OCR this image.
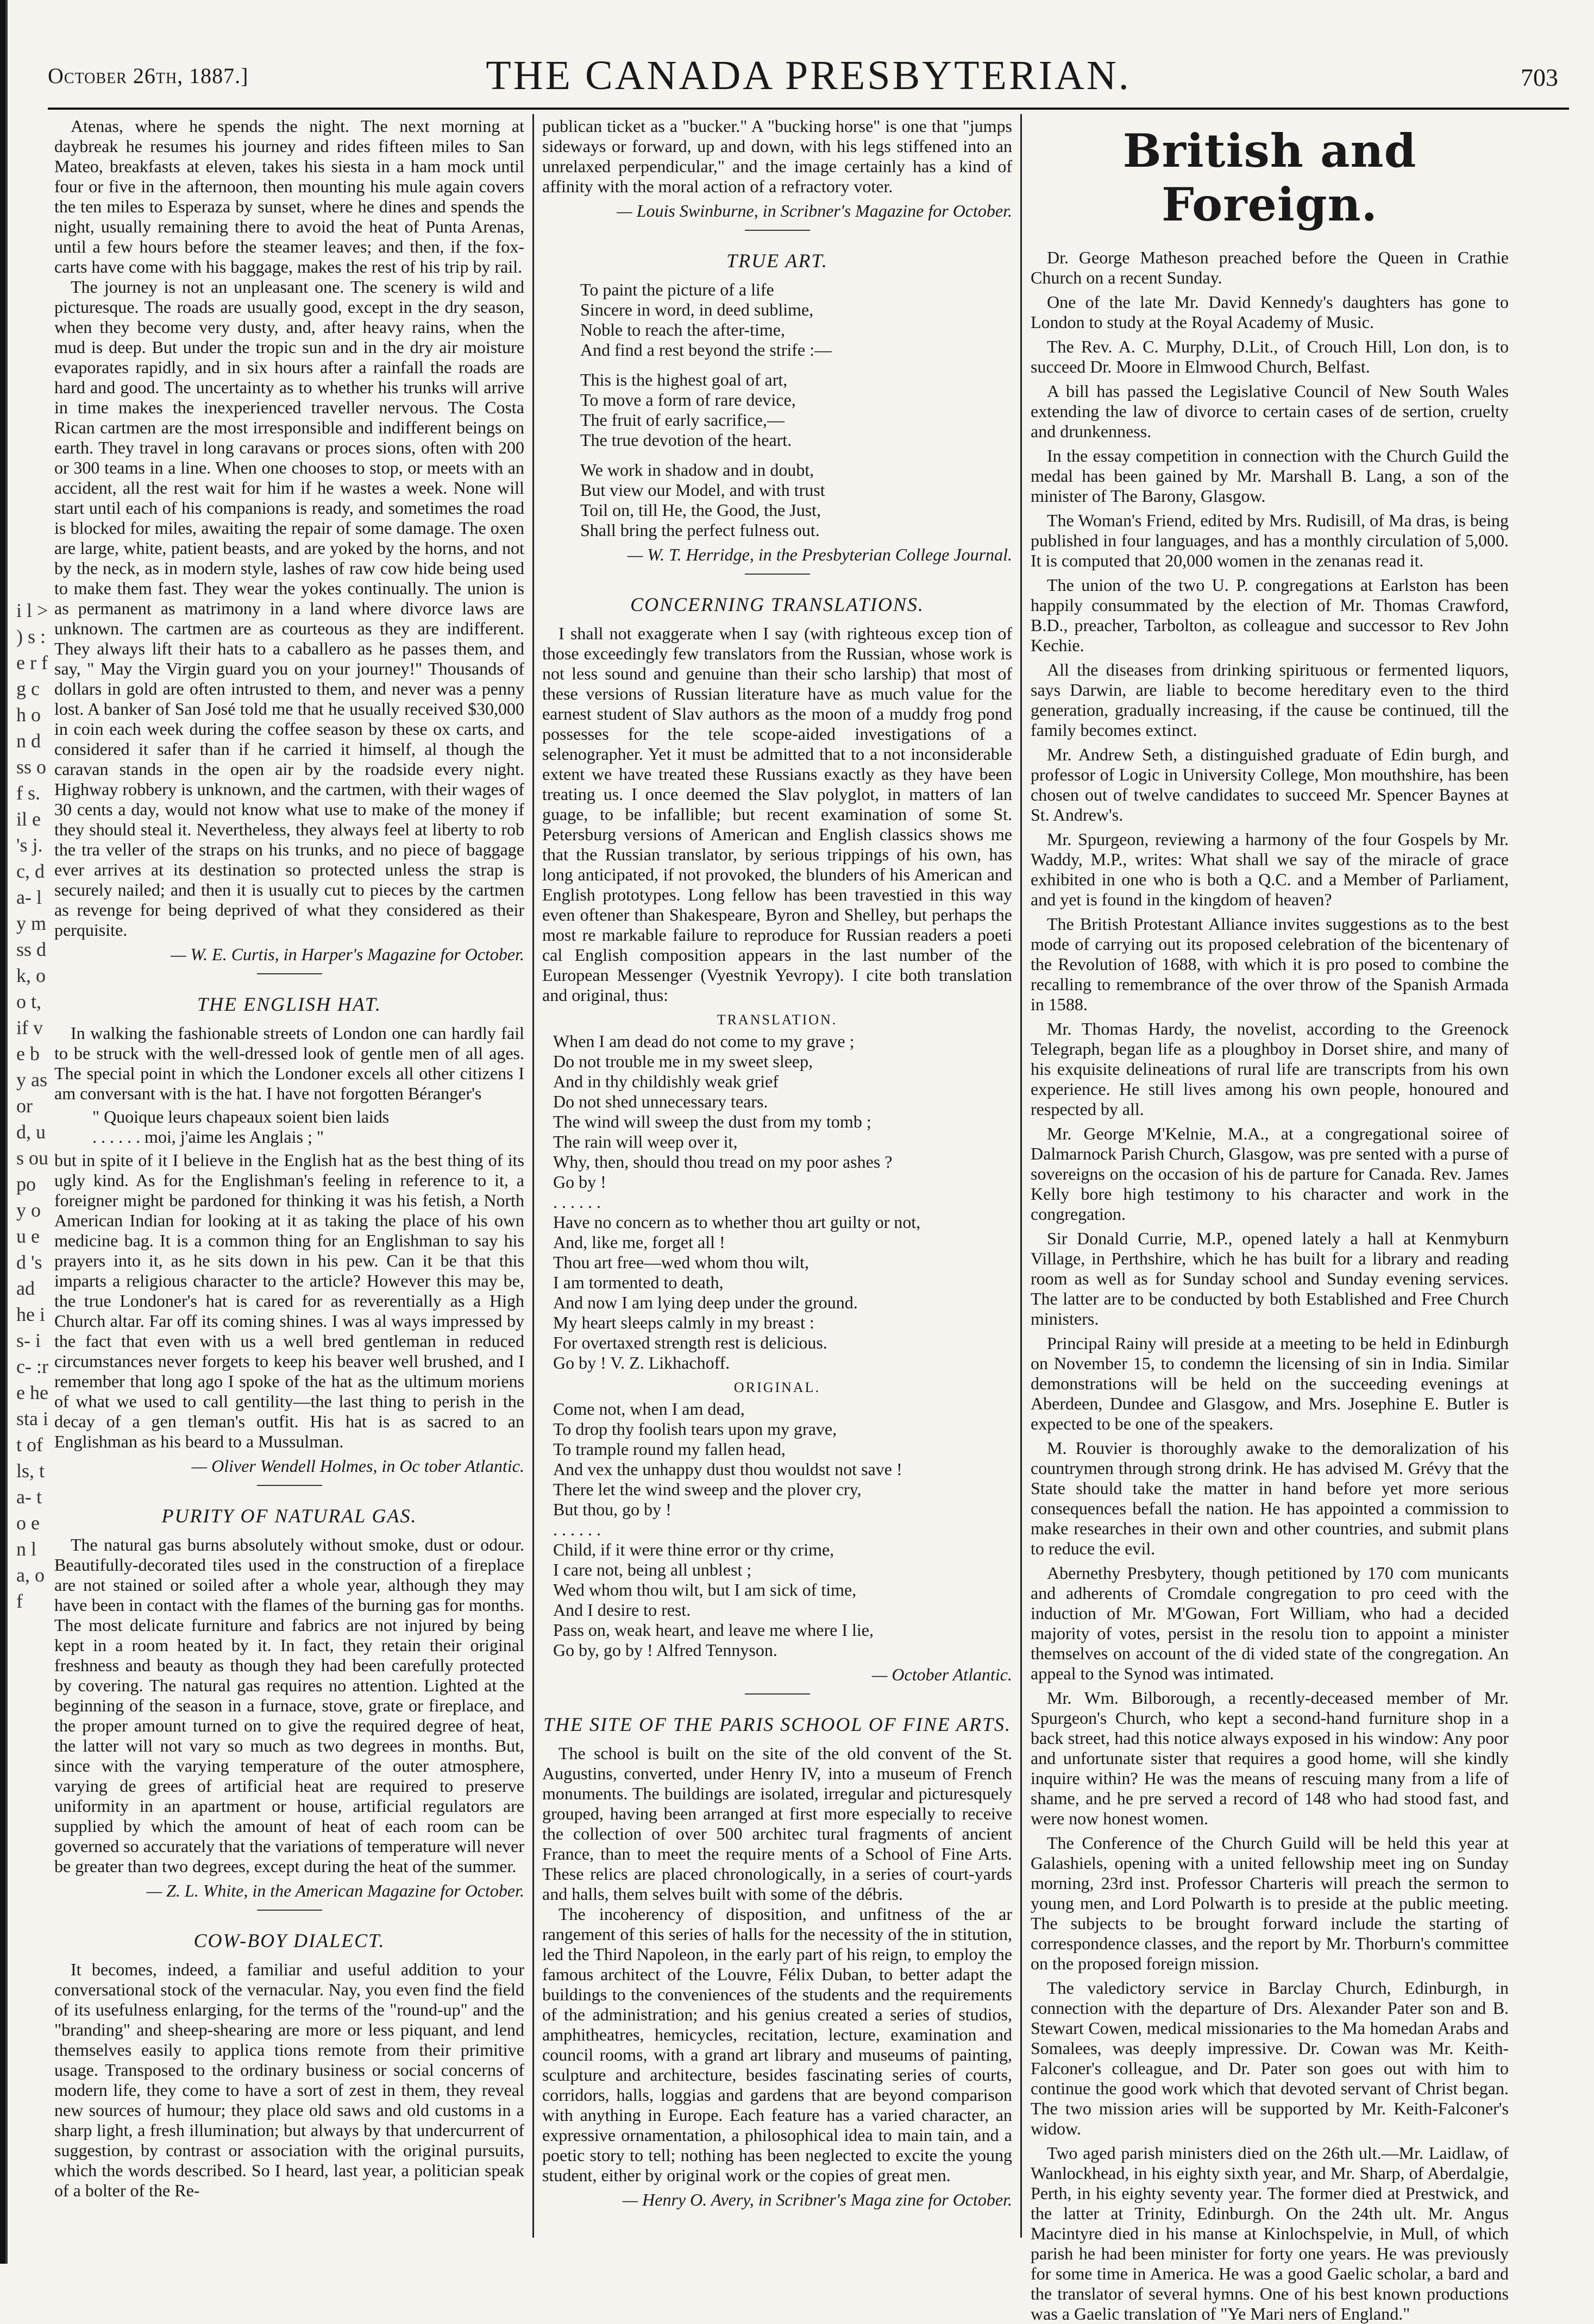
i l > ) s : e r f g c h o n d ss of s. il e 's j. c, d a- ly m ss d k, oo t, if ve by as or d, us ou po y ou ed 's ad he is- ic- :re he sta it of ls, ta- to en la, of
October 26th, 1887.]	THE CANADA PRESBYTERIAN.	703

Atenas, where he spends the night. The next morning at daybreak he resumes his journey and rides fifteen miles to San Mateo, breakfasts at eleven, takes his siesta in a ham mock until four or five in the afternoon, then mounting his mule again covers the ten miles to Esperaza by sunset, where he dines and spends the night, usually remaining there to avoid the heat of Punta Arenas, until a few hours before the steamer leaves; and then, if the fox-carts have come with his baggage, makes the rest of his trip by rail.

The journey is not an unpleasant one. The scenery is wild and picturesque. The roads are usually good, except in the dry season, when they become very dusty, and, after heavy rains, when the mud is deep. But under the tropic sun and in the dry air moisture evaporates rapidly, and in six hours after a rainfall the roads are hard and good. The uncertainty as to whether his trunks will arrive in time makes the inexperienced traveller nervous. The Costa Rican cartmen are the most irresponsible and indifferent beings on earth. They travel in long caravans or proces sions, often with 200 or 300 teams in a line. When one chooses to stop, or meets with an accident, all the rest wait for him if he wastes a week. None will start until each of his companions is ready, and sometimes the road is blocked for miles, awaiting the repair of some damage. The oxen are large, white, patient beasts, and are yoked by the horns, and not by the neck, as in modern style, lashes of raw cow hide being used to make them fast. They wear the yokes continually. The union is as permanent as matrimony in a land where divorce laws are unknown. The cartmen are as courteous as they are indifferent. They always lift their hats to a caballero as he passes them, and say, " May the Virgin guard you on your journey!" Thousands of dollars in gold are often intrusted to them, and never was a penny lost. A banker of San José told me that he usually received $30,000 in coin each week during the coffee season by these ox carts, and considered it safer than if he carried it himself, al though the caravan stands in the open air by the roadside every night. Highway robbery is unknown, and the cartmen, with their wages of 30 cents a day, would not know what use to make of the money if they should steal it. Nevertheless, they always feel at liberty to rob the tra veller of the straps on his trunks, and no piece of baggage ever arrives at its destination so protected unless the strap is securely nailed; and then it is usually cut to pieces by the cartmen as revenge for being deprived of what they considered as their perquisite.

— W. E. Curtis, in Harper's Magazine for October.
THE ENGLISH HAT.

In walking the fashionable streets of London one can hardly fail to be struck with the well-dressed look of gentle men of all ages. The special point in which the Londoner excels all other citizens I am conversant with is the hat. I have not forgotten Béranger's

" Quoique leurs chapeaux soient bien laids
. . . . . . moi, j'aime les Anglais ; "

but in spite of it I believe in the English hat as the best thing of its ugly kind. As for the Englishman's feeling in reference to it, a foreigner might be pardoned for thinking it was his fetish, a North American Indian for looking at it as taking the place of his own medicine bag. It is a common thing for an Englishman to say his prayers into it, as he sits down in his pew. Can it be that this imparts a religious character to the article? However this may be, the true Londoner's hat is cared for as reverentially as a High Church altar. Far off its coming shines. I was al ways impressed by the fact that even with us a well bred gentleman in reduced circumstances never forgets to keep his beaver well brushed, and I remember that long ago I spoke of the hat as the ultimum moriens of what we used to call gentility—the last thing to perish in the decay of a gen tleman's outfit. His hat is as sacred to an Englishman as his beard to a Mussulman.

— Oliver Wendell Holmes, in Oc tober Atlantic.
PURITY OF NATURAL GAS.

The natural gas burns absolutely without smoke, dust or odour. Beautifully-decorated tiles used in the construction of a fireplace are not stained or soiled after a whole year, although they may have been in contact with the flames of the burning gas for months. The most delicate furniture and fabrics are not injured by being kept in a room heated by it. In fact, they retain their original freshness and beauty as though they had been carefully protected by covering. The natural gas requires no attention. Lighted at the beginning of the season in a furnace, stove, grate or fireplace, and the proper amount turned on to give the required degree of heat, the latter will not vary so much as two degrees in months. But, since with the varying temperature of the outer atmosphere, varying de grees of artificial heat are required to preserve uniformity in an apartment or house, artificial regulators are supplied by which the amount of heat of each room can be governed so accurately that the variations of temperature will never be greater than two degrees, except during the heat of the summer.

— Z. L. White, in the American Magazine for October.
COW-BOY DIALECT.

It becomes, indeed, a familiar and useful addition to your conversational stock of the vernacular. Nay, you even find the field of its usefulness enlarging, for the terms of the "round-up" and the "branding" and sheep-shearing are more or less piquant, and lend themselves easily to applica tions remote from their primitive usage. Transposed to the ordinary business or social concerns of modern life, they come to have a sort of zest in them, they reveal new sources of humour; they place old saws and old customs in a sharp light, a fresh illumination; but always by that undercurrent of suggestion, by contrast or association with the original pursuits, which the words described. So I heard, last year, a politician speak of a bolter of the Re-

publican ticket as a "bucker." A "bucking horse" is one that "jumps sideways or forward, up and down, with his legs stiffened into an unrelaxed perpendicular," and the image certainly has a kind of affinity with the moral action of a refractory voter.

— Louis Swinburne, in Scribner's Magazine for October.
TRUE ART.
To paint the picture of a life
Sincere in word, in deed sublime,
Noble to reach the after-time,
And find a rest beyond the strife :—
This is the highest goal of art,
To move a form of rare device,
The fruit of early sacrifice,—
The true devotion of the heart.
We work in shadow and in doubt,
But view our Model, and with trust
Toil on, till He, the Good, the Just,
Shall bring the perfect fulness out.
— W. T. Herridge, in the Presbyterian College Journal.
CONCERNING TRANSLATIONS.

I shall not exaggerate when I say (with righteous excep tion of those exceedingly few translators from the Russian, whose work is not less sound and genuine than their scho larship) that most of these versions of Russian literature have as much value for the earnest student of Slav authors as the moon of a muddy frog pond possesses for the tele scope-aided investigations of a selenographer. Yet it must be admitted that to a not inconsiderable extent we have treated these Russians exactly as they have been treating us. I once deemed the Slav polyglot, in matters of lan guage, to be infallible; but recent examination of some St. Petersburg versions of American and English classics shows me that the Russian translator, by serious trippings of his own, has long anticipated, if not provoked, the blunders of his American and English prototypes. Long fellow has been travestied in this way even oftener than Shakespeare, Byron and Shelley, but perhaps the most re markable failure to reproduce for Russian readers a poeti cal English composition appears in the last number of the European Messenger (Vyestnik Yevropy). I cite both translation and original, thus:

TRANSLATION.
When I am dead do not come to my grave ;
Do not trouble me in my sweet sleep,
And in thy childishly weak grief
Do not shed unnecessary tears.
The wind will sweep the dust from my tomb ;
The rain will weep over it,
Why, then, should thou tread on my poor ashes ?
Go by !
. . . . . .
Have no concern as to whether thou art guilty or not,
And, like me, forget all !
Thou art free—wed whom thou wilt,
I am tormented to death,
And now I am lying deep under the ground.
My heart sleeps calmly in my breast :
For overtaxed strength rest is delicious.
Go by ! V. Z. Likhachoff.
ORIGINAL.
Come not, when I am dead,
To drop thy foolish tears upon my grave,
To trample round my fallen head,
And vex the unhappy dust thou wouldst not save !
There let the wind sweep and the plover cry,
But thou, go by !
. . . . . .
Child, if it were thine error or thy crime,
I care not, being all unblest ;
Wed whom thou wilt, but I am sick of time,
And I desire to rest.
Pass on, weak heart, and leave me where I lie,
Go by, go by ! Alfred Tennyson.
— October Atlantic.
THE SITE OF THE PARIS SCHOOL OF FINE ARTS.

The school is built on the site of the old convent of the St. Augustins, converted, under Henry IV, into a museum of French monuments. The buildings are isolated, irregular and picturesquely grouped, having been arranged at first more especially to receive the collection of over 500 architec tural fragments of ancient France, than to meet the require ments of a School of Fine Arts. These relics are placed chronologically, in a series of court-yards and halls, them selves built with some of the débris.

The incoherency of disposition, and unfitness of the ar rangement of this series of halls for the necessity of the in stitution, led the Third Napoleon, in the early part of his reign, to employ the famous architect of the Louvre, Félix Duban, to better adapt the buildings to the conveniences of the students and the requirements of the administration; and his genius created a series of studios, amphitheatres, hemicycles, recitation, lecture, examination and council rooms, with a grand art library and museums of painting, sculpture and architecture, besides fascinating series of courts, corridors, halls, loggias and gardens that are beyond comparison with anything in Europe. Each feature has a varied character, an expressive ornamentation, a philosophical idea to main tain, and a poetic story to tell; nothing has been neglected to excite the young student, either by original work or the copies of great men.

— Henry O. Avery, in Scribner's Maga zine for October.
British and Foreign.

Dr. George Matheson preached before the Queen in Crathie Church on a recent Sunday.

One of the late Mr. David Kennedy's daughters has gone to London to study at the Royal Academy of Music.

The Rev. A. C. Murphy, D.Lit., of Crouch Hill, Lon don, is to succeed Dr. Moore in Elmwood Church, Belfast.

A bill has passed the Legislative Council of New South Wales extending the law of divorce to certain cases of de sertion, cruelty and drunkenness.

In the essay competition in connection with the Church Guild the medal has been gained by Mr. Marshall B. Lang, a son of the minister of The Barony, Glasgow.

The Woman's Friend, edited by Mrs. Rudisill, of Ma dras, is being published in four languages, and has a monthly circulation of 5,000. It is computed that 20,000 women in the zenanas read it.

The union of the two U. P. congregations at Earlston has been happily consummated by the election of Mr. Thomas Crawford, B.D., preacher, Tarbolton, as colleague and successor to Rev John Kechie.

All the diseases from drinking spirituous or fermented liquors, says Darwin, are liable to become hereditary even to the third generation, gradually increasing, if the cause be continued, till the family becomes extinct.

Mr. Andrew Seth, a distinguished graduate of Edin burgh, and professor of Logic in University College, Mon mouthshire, has been chosen out of twelve candidates to succeed Mr. Spencer Baynes at St. Andrew's.

Mr. Spurgeon, reviewing a harmony of the four Gospels by Mr. Waddy, M.P., writes: What shall we say of the miracle of grace exhibited in one who is both a Q.C. and a Member of Parliament, and yet is found in the kingdom of heaven?

The British Protestant Alliance invites suggestions as to the best mode of carrying out its proposed celebration of the bicentenary of the Revolution of 1688, with which it is pro posed to combine the recalling to remembrance of the over throw of the Spanish Armada in 1588.

Mr. Thomas Hardy, the novelist, according to the Greenock Telegraph, began life as a ploughboy in Dorset shire, and many of his exquisite delineations of rural life are transcripts from his own experience. He still lives among his own people, honoured and respected by all.

Mr. George M'Kelnie, M.A., at a congregational soiree of Dalmarnock Parish Church, Glasgow, was pre sented with a purse of sovereigns on the occasion of his de parture for Canada. Rev. James Kelly bore high testimony to his character and work in the congregation.

Sir Donald Currie, M.P., opened lately a hall at Kenmyburn Village, in Perthshire, which he has built for a library and reading room as well as for Sunday school and Sunday evening services. The latter are to be conducted by both Established and Free Church ministers.

Principal Rainy will preside at a meeting to be held in Edinburgh on November 15, to condemn the licensing of sin in India. Similar demonstrations will be held on the succeeding evenings at Aberdeen, Dundee and Glasgow, and Mrs. Josephine E. Butler is expected to be one of the speakers.

M. Rouvier is thoroughly awake to the demoralization of his countrymen through strong drink. He has advised M. Grévy that the State should take the matter in hand before yet more serious consequences befall the nation. He has appointed a commission to make researches in their own and other countries, and submit plans to reduce the evil.

Abernethy Presbytery, though petitioned by 170 com municants and adherents of Cromdale congregation to pro ceed with the induction of Mr. M'Gowan, Fort William, who had a decided majority of votes, persist in the resolu tion to appoint a minister themselves on account of the di vided state of the congregation. An appeal to the Synod was intimated.

Mr. Wm. Bilborough, a recently-deceased member of Mr. Spurgeon's Church, who kept a second-hand furniture shop in a back street, had this notice always exposed in his window: Any poor and unfortunate sister that requires a good home, will she kindly inquire within? He was the means of rescuing many from a life of shame, and he pre served a record of 148 who had stood fast, and were now honest women.

The Conference of the Church Guild will be held this year at Galashiels, opening with a united fellowship meet ing on Sunday morning, 23rd inst. Professor Charteris will preach the sermon to young men, and Lord Polwarth is to preside at the public meeting. The subjects to be brought forward include the starting of correspondence classes, and the report by Mr. Thorburn's committee on the proposed foreign mission.

The valedictory service in Barclay Church, Edinburgh, in connection with the departure of Drs. Alexander Pater son and B. Stewart Cowen, medical missionaries to the Ma homedan Arabs and Somalees, was deeply impressive. Dr. Cowan was Mr. Keith-Falconer's colleague, and Dr. Pater son goes out with him to continue the good work which that devoted servant of Christ began. The two mission aries will be supported by Mr. Keith-Falconer's widow.

Two aged parish ministers died on the 26th ult.—Mr. Laidlaw, of Wanlockhead, in his eighty sixth year, and Mr. Sharp, of Aberdalgie, Perth, in his eighty seventy year. The former died at Prestwick, and the latter at Trinity, Edinburgh. On the 24th ult. Mr. Angus Macintyre died in his manse at Kinlochspelvie, in Mull, of which parish he had been minister for forty one years. He was previously for some time in America. He was a good Gaelic scholar, a bard and the translator of several hymns. One of his best known productions was a Gaelic translation of "Ye Mari ners of England."
